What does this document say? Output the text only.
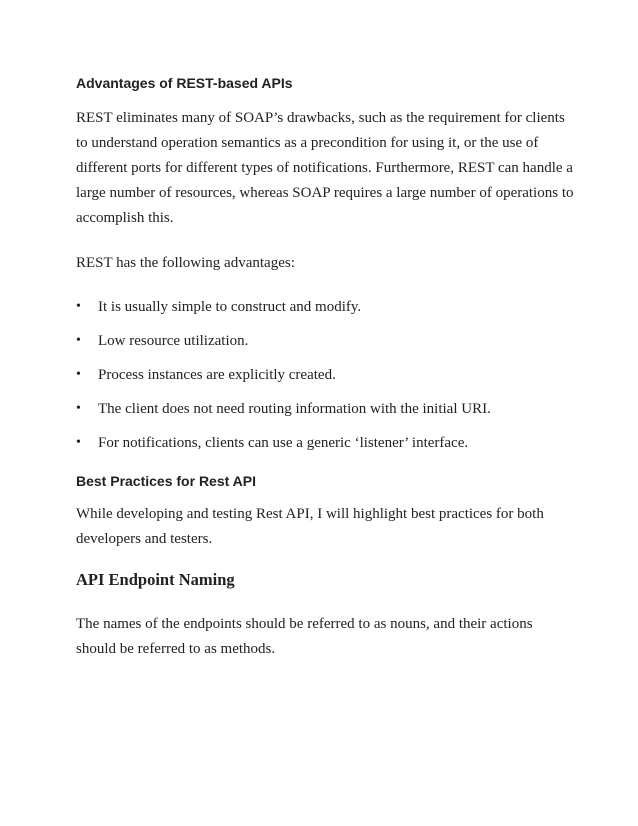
Advantages of REST-based APIs

REST eliminates many of SOAP’s drawbacks, such as the requirement for clients to understand operation semantics as a precondition for using it, or the use of different ports for different types of notifications. Furthermore, REST can handle a large number of resources, whereas SOAP requires a large number of operations to accomplish this.

REST has the following advantages:

• It is usually simple to construct and modify.
• Low resource utilization.
• Process instances are explicitly created.
• The client does not need routing information with the initial URI.
• For notifications, clients can use a generic ‘listener’ interface.
Best Practices for Rest API

While developing and testing Rest API, I will highlight best practices for both developers and testers.

API Endpoint Naming

The names of the endpoints should be referred to as nouns, and their actions should be referred to as methods.
